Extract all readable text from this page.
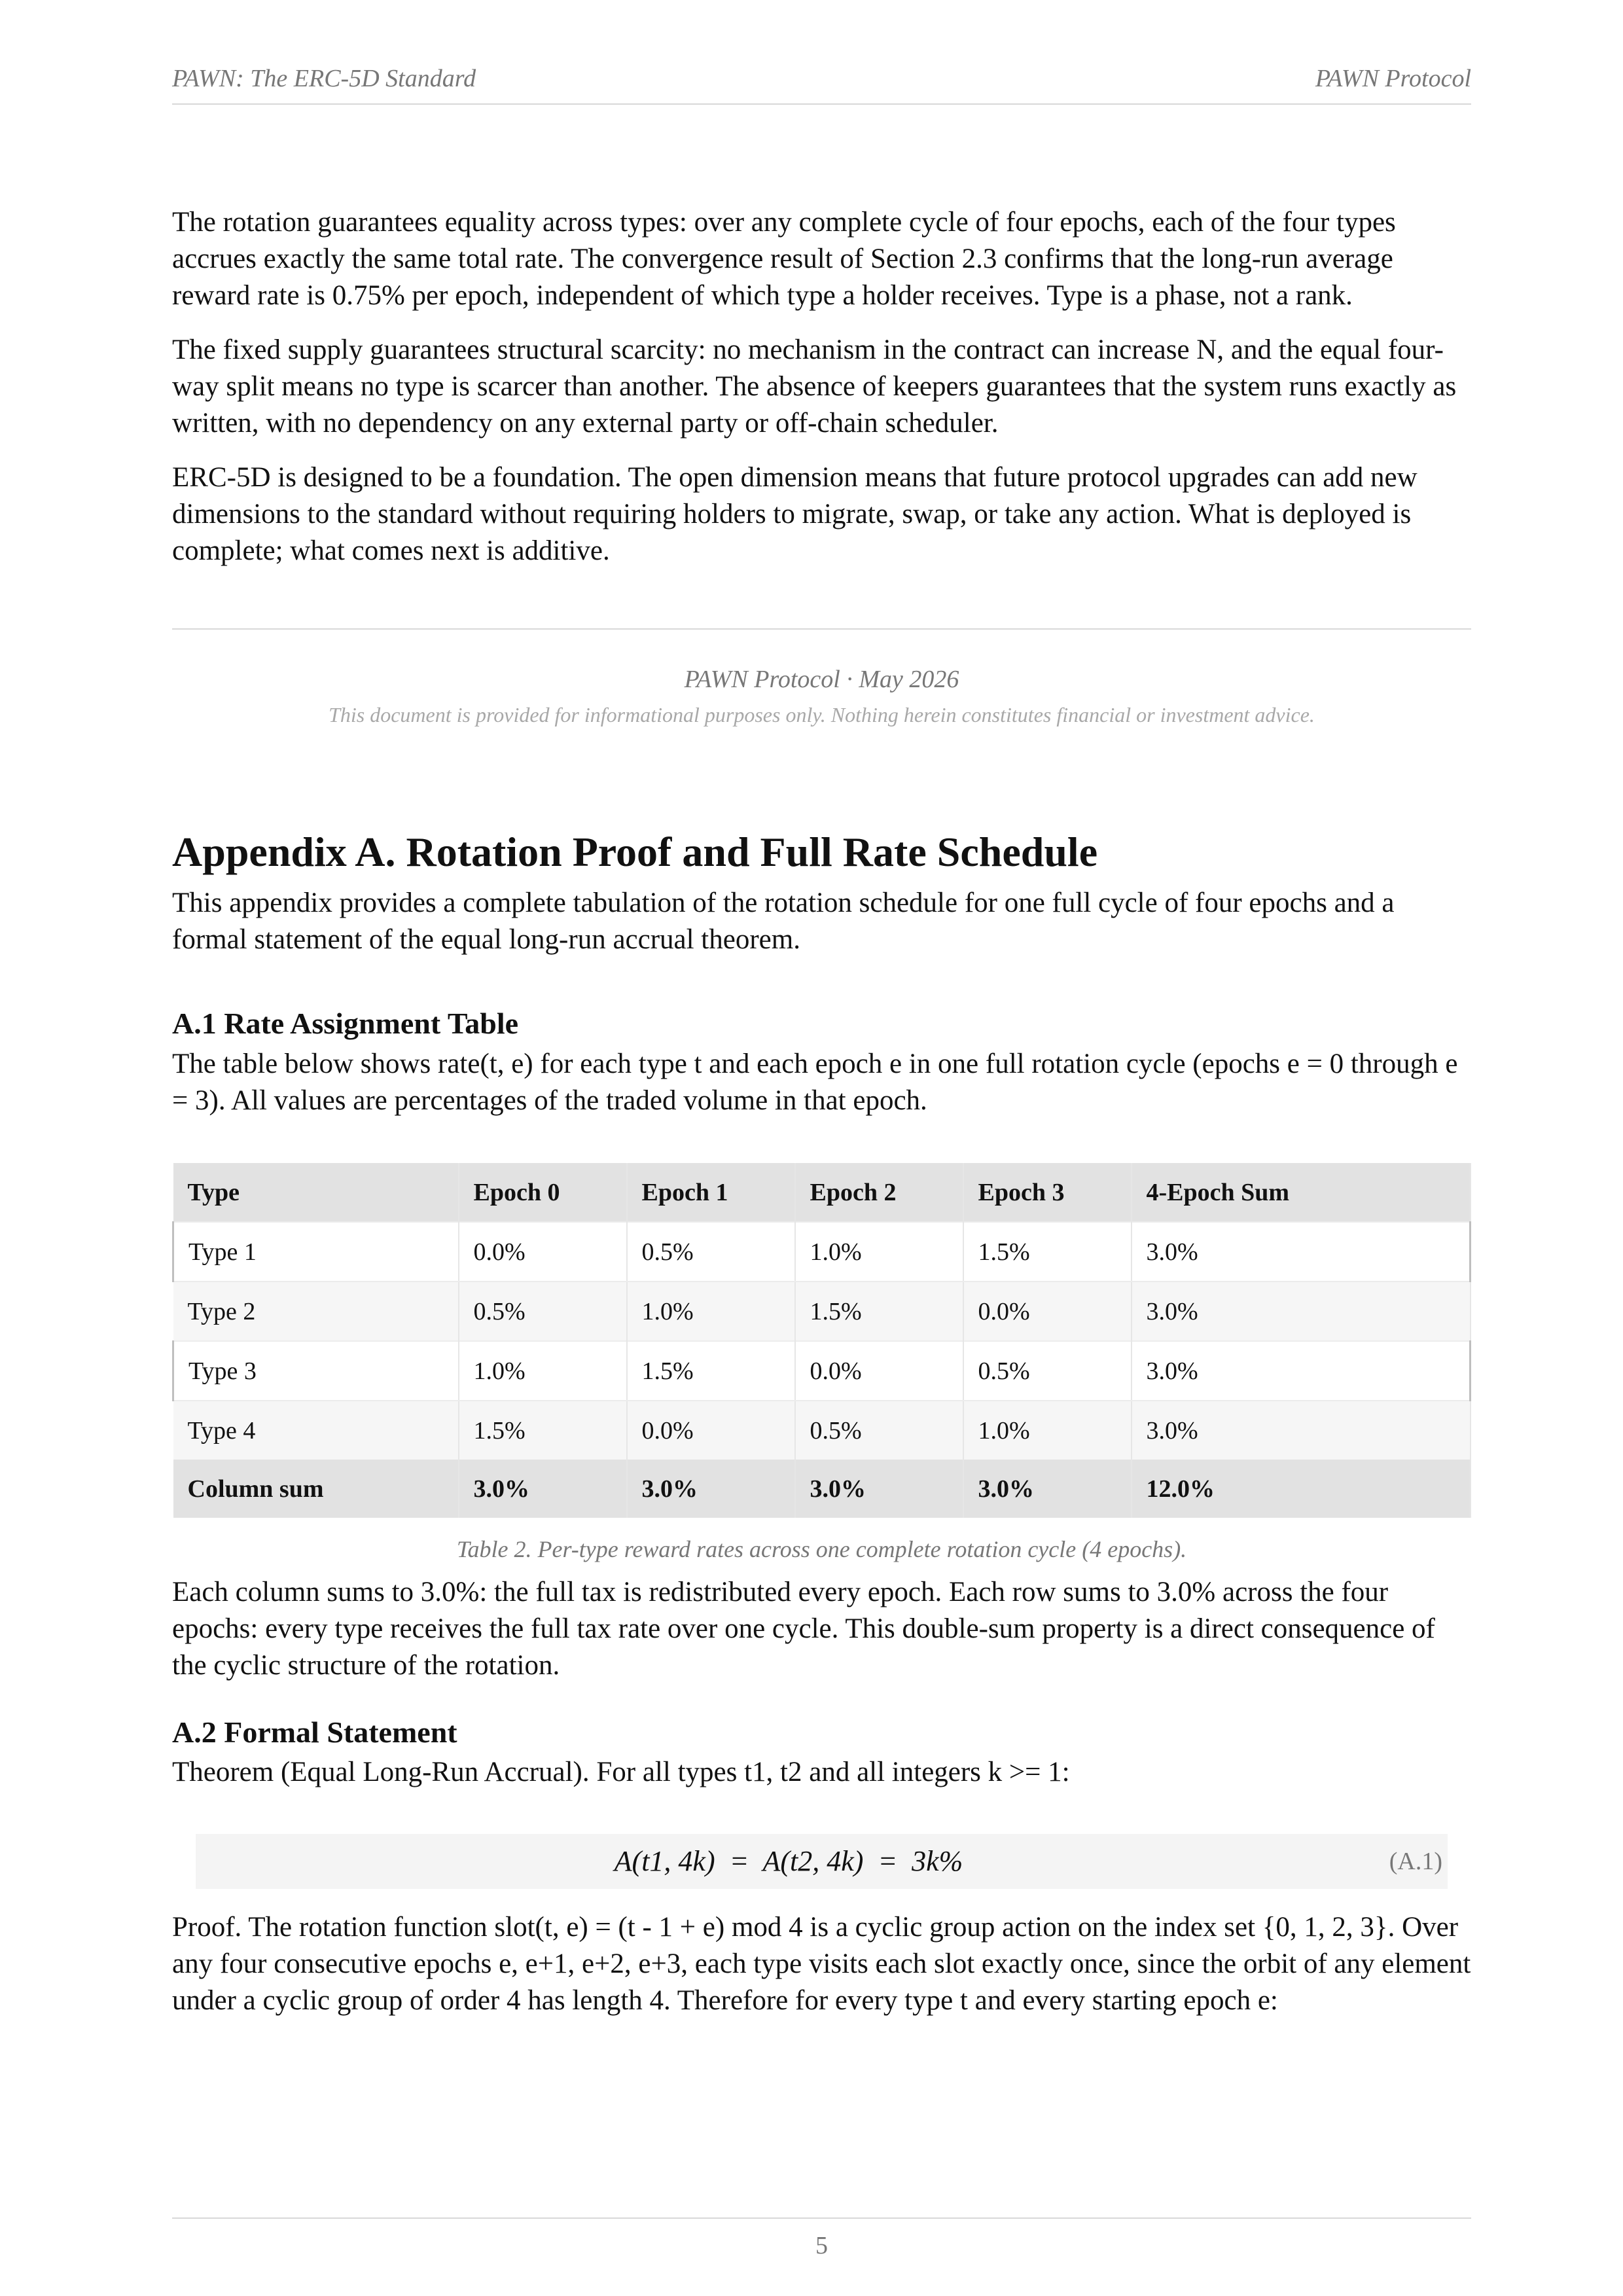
PAWN: The ERC-5D Standard	PAWN Protocol

The rotation guarantees equality across types: over any complete cycle of four epochs, each of the four types accrues exactly the same total rate. The convergence result of Section 2.3 confirms that the long-run average reward rate is 0.75% per epoch, independent of which type a holder receives. Type is a phase, not a rank.

The fixed supply guarantees structural scarcity: no mechanism in the contract can increase N, and the equal four-way split means no type is scarcer than another. The absence of keepers guarantees that the system runs exactly as written, with no dependency on any external party or off-chain scheduler.

ERC-5D is designed to be a foundation. The open dimension means that future protocol upgrades can add new dimensions to the standard without requiring holders to migrate, swap, or take any action. What is deployed is complete; what comes next is additive.

PAWN Protocol · May 2026
This document is provided for informational purposes only. Nothing herein constitutes financial or investment advice.
Appendix A. Rotation Proof and Full Rate Schedule

This appendix provides a complete tabulation of the rotation schedule for one full cycle of four epochs and a formal statement of the equal long-run accrual theorem.

A.1 Rate Assignment Table

The table below shows rate(t, e) for each type t and each epoch e in one full rotation cycle (epochs e = 0 through e = 3). All values are percentages of the traded volume in that epoch.

Type	Epoch 0	Epoch 1	Epoch 2	Epoch 3	4-Epoch Sum
Type 1	0.0%	0.5%	1.0%	1.5%	3.0%
Type 2	0.5%	1.0%	1.5%	0.0%	3.0%
Type 3	1.0%	1.5%	0.0%	0.5%	3.0%
Type 4	1.5%	0.0%	0.5%	1.0%	3.0%
Column sum	3.0%	3.0%	3.0%	3.0%	12.0%
Table 2. Per-type reward rates across one complete rotation cycle (4 epochs).

Each column sums to 3.0%: the full tax is redistributed every epoch. Each row sums to 3.0% across the four epochs: every type receives the full tax rate over one cycle. This double-sum property is a direct consequence of the cyclic structure of the rotation.

A.2 Formal Statement

Theorem (Equal Long-Run Accrual). For all types t1, t2 and all integers k >= 1:

A(t1, 4k)  =  A(t2, 4k)  =  3k%	(A.1)

Proof. The rotation function slot(t, e) = (t - 1 + e) mod 4 is a cyclic group action on the index set {0, 1, 2, 3}. Over any four consecutive epochs e, e+1, e+2, e+3, each type visits each slot exactly once, since the orbit of any element under a cyclic group of order 4 has length 4. Therefore for every type t and every starting epoch e:

5
